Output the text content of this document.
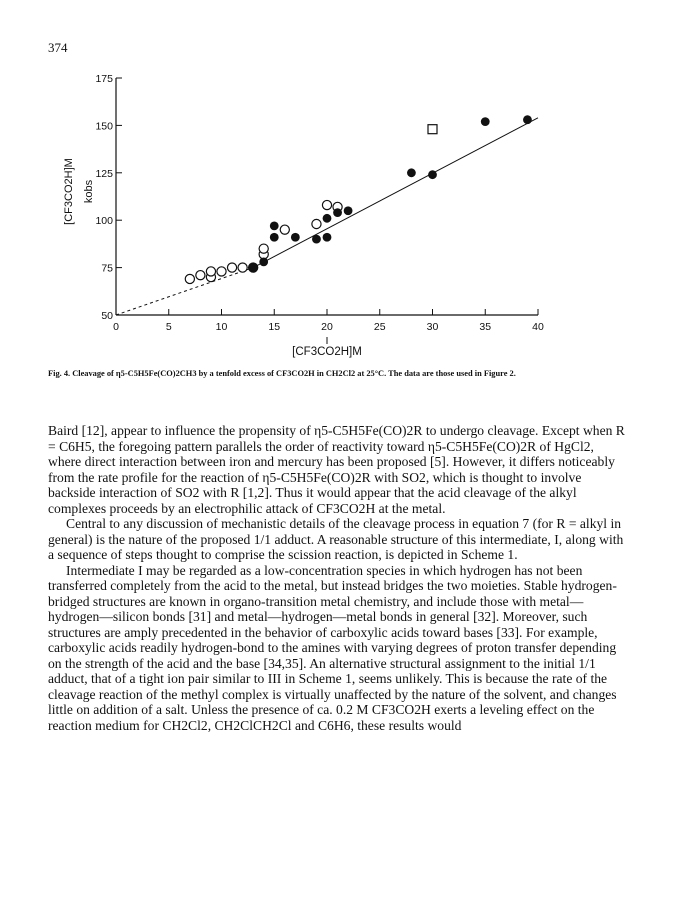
374
0	5	10	15	20	25	30	35	40
50
75
100
125
150
175
[CF3CO2H]M
[CF3CO2H]M kobs
Fig. 4. Cleavage of η5-C5H5Fe(CO)2CH3 by a tenfold excess of CF3CO2H in CH2Cl2 at 25°C. The data are those used in Figure 2.

Baird [12], appear to influence the propensity of η5-C5H5Fe(CO)2R to undergo cleavage. Except when R = C6H5, the foregoing pattern parallels the order of reactivity toward η5-C5H5Fe(CO)2R of HgCl2, where direct interaction between iron and mercury has been proposed [5]. However, it differs noticeably from the rate profile for the reaction of η5-C5H5Fe(CO)2R with SO2, which is thought to involve backside interaction of SO2 with R [1,2]. Thus it would appear that the acid cleavage of the alkyl complexes proceeds by an electrophilic attack of CF3CO2H at the metal.

Central to any discussion of mechanistic details of the cleavage process in equation 7 (for R = alkyl in general) is the nature of the proposed 1/1 adduct. A reasonable structure of this intermediate, I, along with a sequence of steps thought to comprise the scission reaction, is depicted in Scheme 1.

Intermediate I may be regarded as a low-concentration species in which hydrogen has not been transferred completely from the acid to the metal, but instead bridges the two moieties. Stable hydrogen-bridged structures are known in organo-transition metal chemistry, and include those with metal—hydrogen—silicon bonds [31] and metal—hydrogen—metal bonds in general [32]. Moreover, such structures are amply precedented in the behavior of carboxylic acids toward bases [33]. For example, carboxylic acids readily hydrogen-bond to the amines with varying degrees of proton transfer depending on the strength of the acid and the base [34,35]. An alternative structural assignment to the initial 1/1 adduct, that of a tight ion pair similar to III in Scheme 1, seems unlikely. This is because the rate of the cleavage reaction of the methyl complex is virtually unaffected by the nature of the solvent, and changes little on addition of a salt. Unless the presence of ca. 0.2 M CF3CO2H exerts a leveling effect on the reaction medium for CH2Cl2, CH2ClCH2Cl and C6H6, these results would
